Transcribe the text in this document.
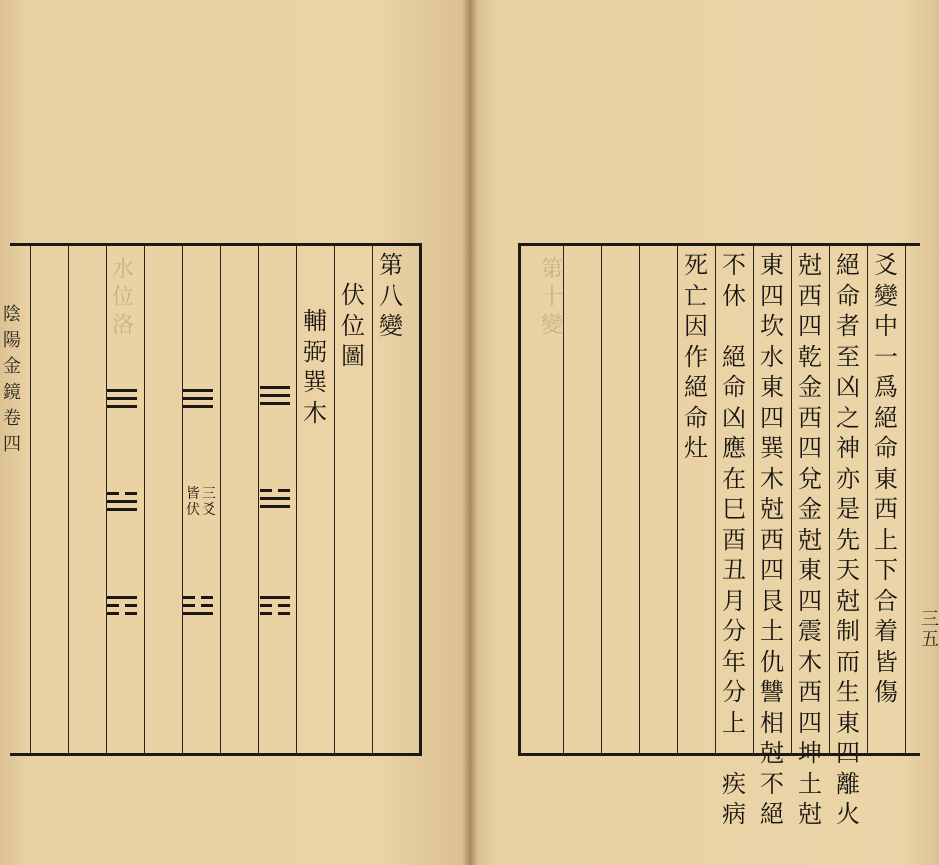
陰
陽
金
鏡
卷
四
第
八
變
伏
位
圖
輔
弼
巽
木
皆
伏
三
爻
水
位
洛
爻
變
中
一
爲
絕
命
東
西
上
下
合
着
皆
傷
絕
命
者
至
凶
之
神
亦
是
先
天
尅
制
而
生
東
四
離
火
尅
西
四
乾
金
西
四
兌
金
尅
東
四
震
木
西
四
坤
土
尅
東
四
坎
水
東
四
巽
木
尅
西
四
艮
土
仇
讐
相
尅
不
絕
不
休

絕
命
凶
應
在
巳
酉
丑
月
分
年
分
上

疾
病
死
亡
因
作
絕
命
灶
第
十
變
三
五
